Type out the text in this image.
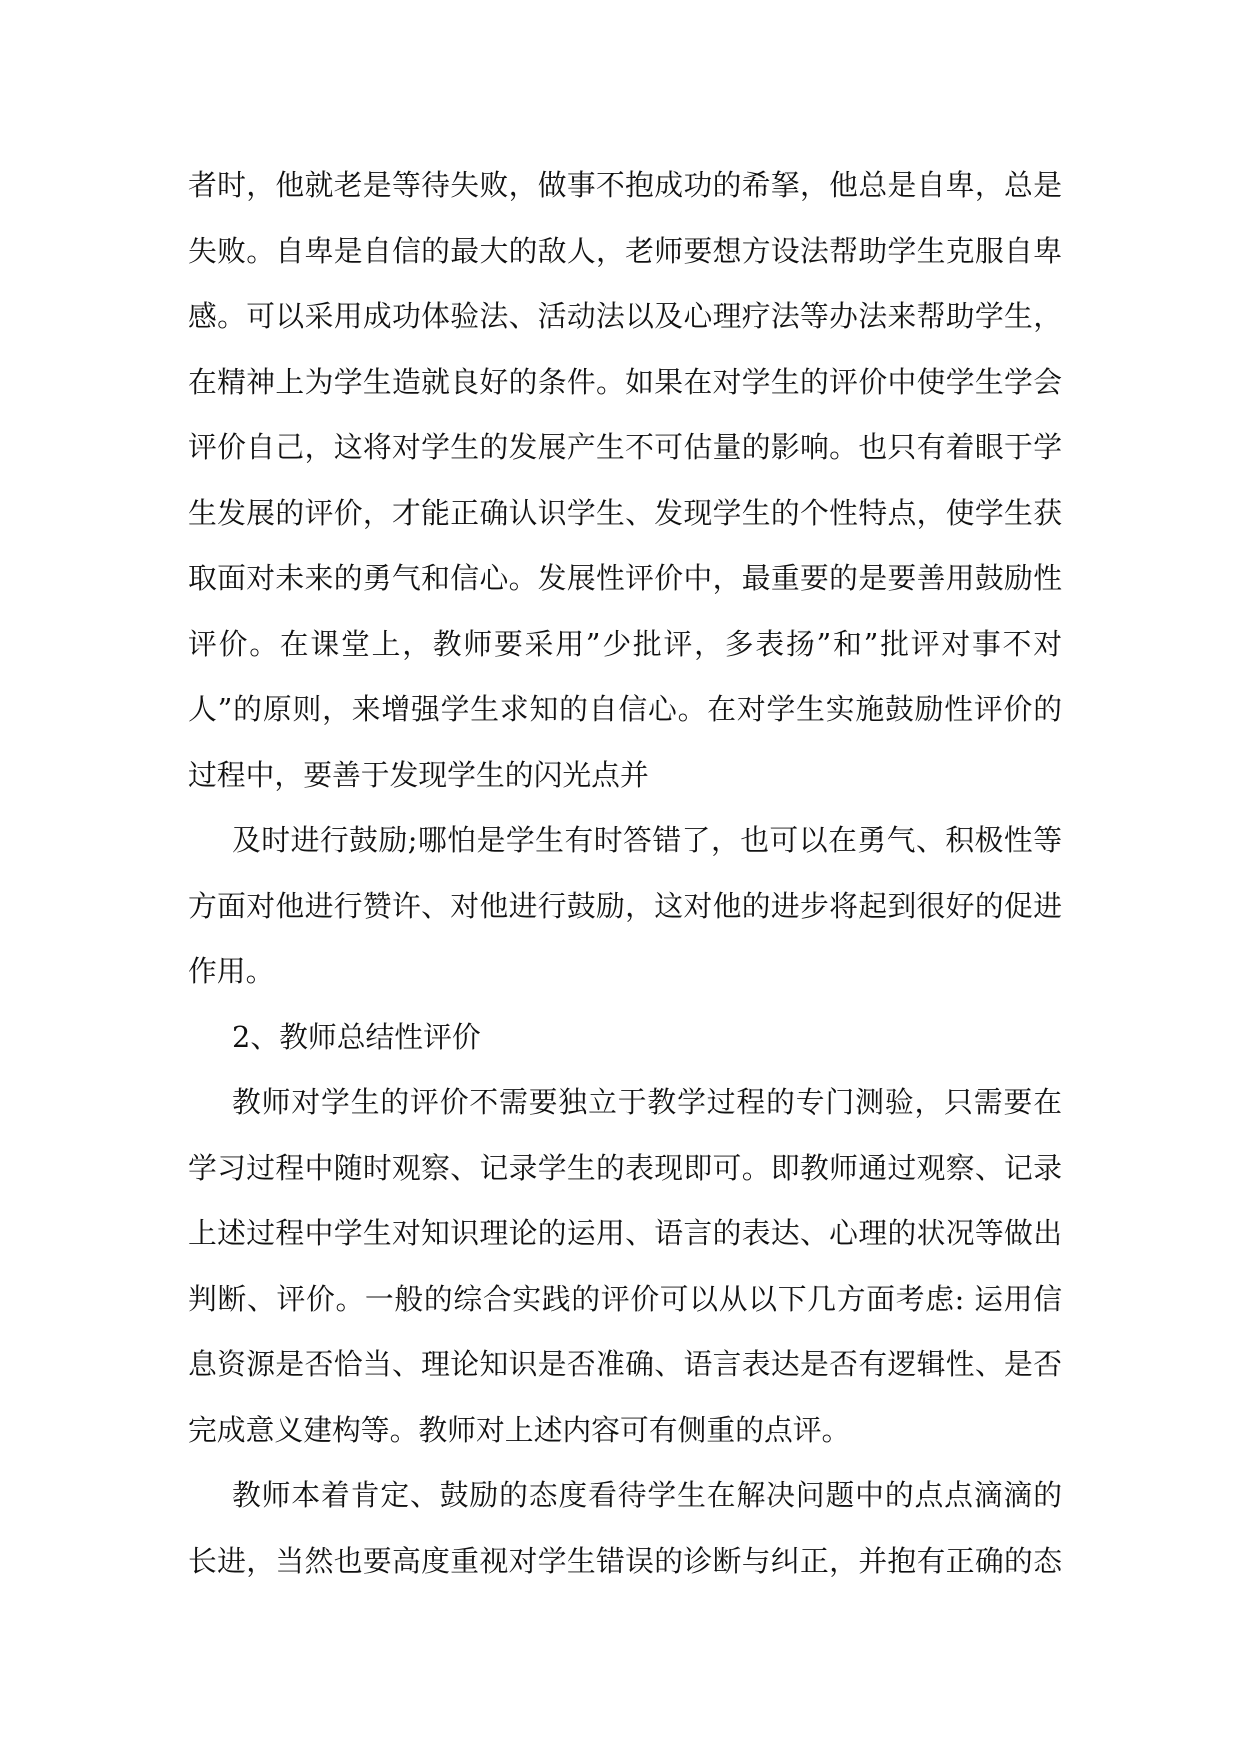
者时，他就老是等待失败，做事不抱成功的希拏，他总是自卑，总是
失败。自卑是自信的最大的敌人，老师要想方设法帮助学生克服自卑
感。可以采用成功体验法、活动法以及心理疗法等办法来帮助学生，
在精神上为学生造就良好的条件。如果在对学生的评价中使学生学会
评价自己，这将对学生的发展产生不可估量的影响。也只有着眼于学
生发展的评价，才能正确认识学生、发现学生的个性特点，使学生获
取面对未来的勇气和信心。发展性评价中，最重要的是要善用鼓励性
评价。在课堂上，教师要采用”少批评，多表扬”和”批评对事不对
人”的原则，来增强学生求知的自信心。在对学生实施鼓励性评价的
过程中，要善于发现学生的闪光点并
及时进行鼓励;哪怕是学生有时答错了，也可以在勇气、积极性等
方面对他进行赞许、对他进行鼓励，这对他的进步将起到很好的促进
作用。
2、教师总结性评价
教师对学生的评价不需要独立于教学过程的专门测验，只需要在
学习过程中随时观察、记录学生的表现即可。即教师通过观察、记录
上述过程中学生对知识理论的运用、语言的表达、心理的状况等做出
判断、评价。一般的综合实践的评价可以从以下几方面考虑: 运用信
息资源是否恰当、理论知识是否准确、语言表达是否有逻辑性、是否
完成意义建构等。教师对上述内容可有侧重的点评。
教师本着肯定、鼓励的态度看待学生在解决问题中的点点滴滴的
长进，当然也要高度重视对学生错误的诊断与纠正，并抱有正确的态
